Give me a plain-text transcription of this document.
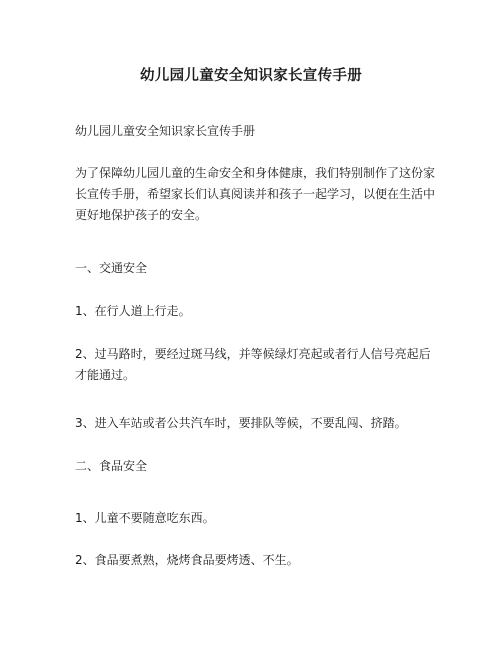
幼儿园儿童安全知识家长宣传手册

幼儿园儿童安全知识家长宣传手册

为了保障幼儿园儿童的生命安全和身体健康，我们特别制作了这份家长宣传手册，希望家长们认真阅读并和孩子一起学习，以便在生活中更好地保护孩子的安全。

一、交通安全

1、在行人道上行走。

2、过马路时，要经过斑马线，并等候绿灯亮起或者行人信号亮起后才能通过。

3、进入车站或者公共汽车时，要排队等候，不要乱闯、挤踏。

二、食品安全

1、儿童不要随意吃东西。

2、食品要煮熟，烧烤食品要烤透、不生。
